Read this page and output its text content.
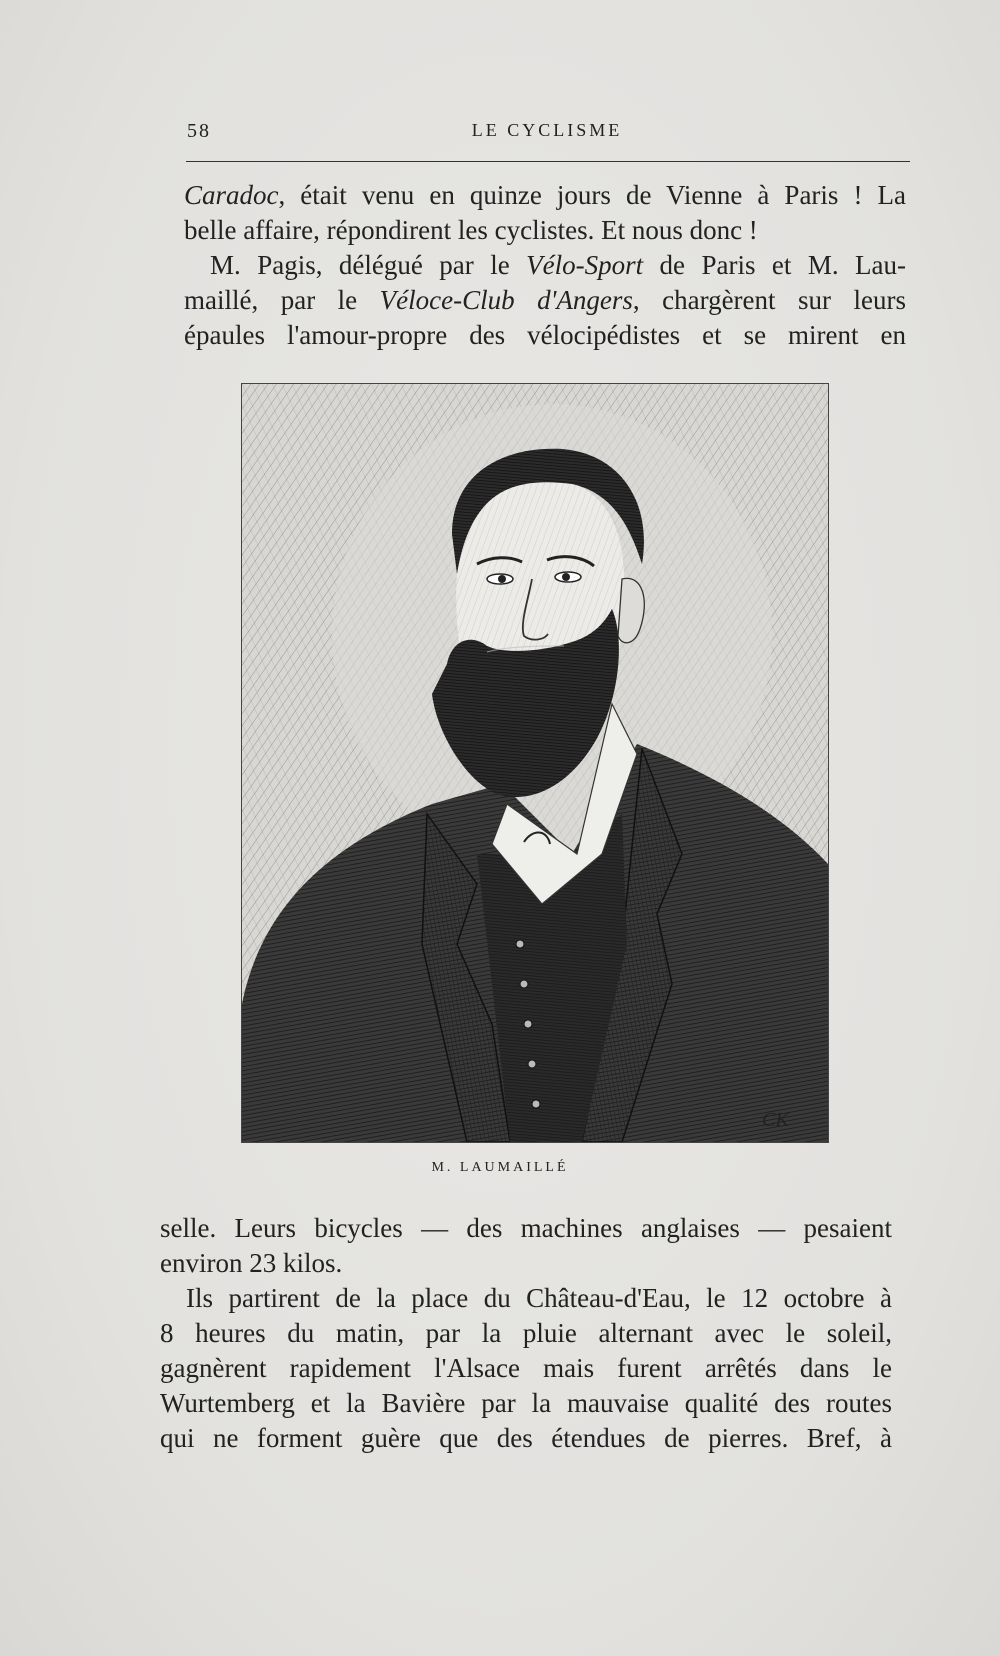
58	LE CYCLISME
Caradoc, était venu en quinze jours de Vienne à Paris ! La
belle affaire, répondirent les cyclistes. Et nous donc !
M. Pagis, délégué par le Vélo-Sport de Paris et M. Lau-
maillé, par le Véloce-Club d'Angers, chargèrent sur leurs
épaules l'amour-propre des vélocipédistes et se mirent en
CK
M. LAUMAILLÉ
selle. Leurs bicycles — des machines anglaises — pesaient
environ 23 kilos.
Ils partirent de la place du Château-d'Eau, le 12 octobre à
8 heures du matin, par la pluie alternant avec le soleil,
gagnèrent rapidement l'Alsace mais furent arrêtés dans le
Wurtemberg et la Bavière par la mauvaise qualité des routes
qui ne forment guère que des étendues de pierres. Bref, à
